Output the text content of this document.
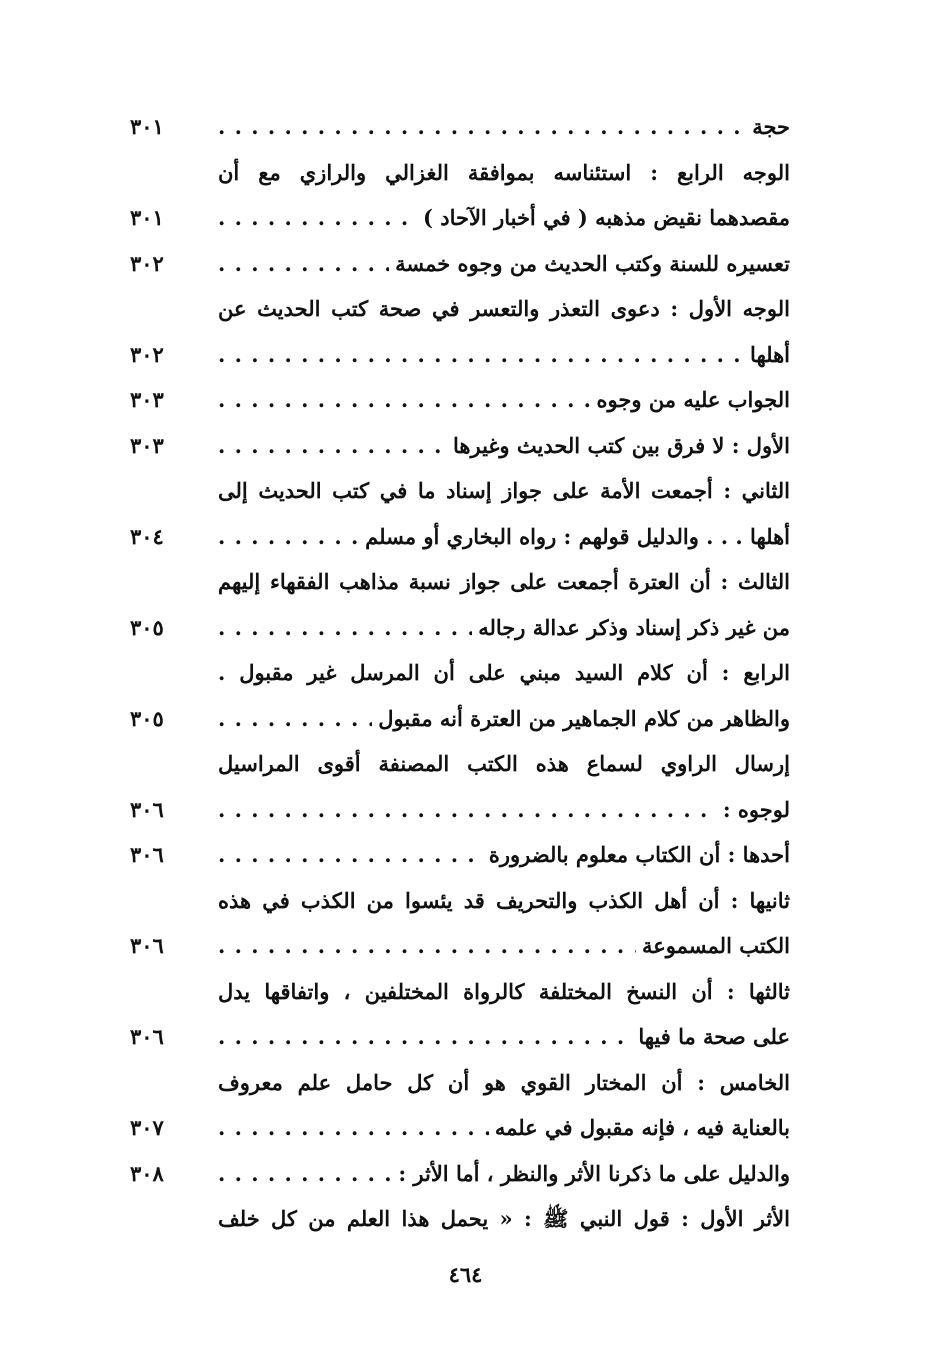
حجة . . .
٣٠١
الوجه الرابع : استئناسه بموافقة الغزالي والرازي مع أن
مقصدهما نقيض مذهبه ( في أخبار الآحاد ) . . .
٣٠١
تعسيره للسنة وكتب الحديث من وجوه خمسة . . .
٣٠٢
الوجه الأول : دعوى التعذر والتعسر في صحة كتب الحديث عن
أهلها . . .
٣٠٢
الجواب عليه من وجوه . . .
٣٠٣
الأول : لا فرق بين كتب الحديث وغيرها . . .
٣٠٣
الثاني : أجمعت الأمة على جواز إسناد ما في كتب الحديث إلى
أهلها . . . والدليل قولهم : رواه البخاري أو مسلم . . .
٣٠٤
الثالث : أن العترة أجمعت على جواز نسبة مذاهب الفقهاء إليهم
من غير ذكر إسناد وذكر عدالة رجاله . . .
٣٠٥
الرابع : أن كلام السيد مبني على أن المرسل غير مقبول .
والظاهر من كلام الجماهير من العترة أنه مقبول . . .
٣٠٥
إرسال الراوي لسماع هذه الكتب المصنفة أقوى المراسيل
لوجوه : . . .
٣٠٦
أحدها : أن الكتاب معلوم بالضرورة . . .
٣٠٦
ثانيها : أن أهل الكذب والتحريف قد يئسوا من الكذب في هذه
الكتب المسموعة . . .
٣٠٦
ثالثها : أن النسخ المختلفة كالرواة المختلفين ، واتفاقها يدل
على صحة ما فيها . . .
٣٠٦
الخامس : أن المختار القوي هو أن كل حامل علم معروف
بالعناية فيه ، فإنه مقبول في علمه . . .
٣٠٧
والدليل على ما ذكرنا الأثر والنظر ، أما الأثر : . . .
٣٠٨
الأثر الأول : قول النبي ﷺ : « يحمل هذا العلم من كل خلف
٤٦٤
